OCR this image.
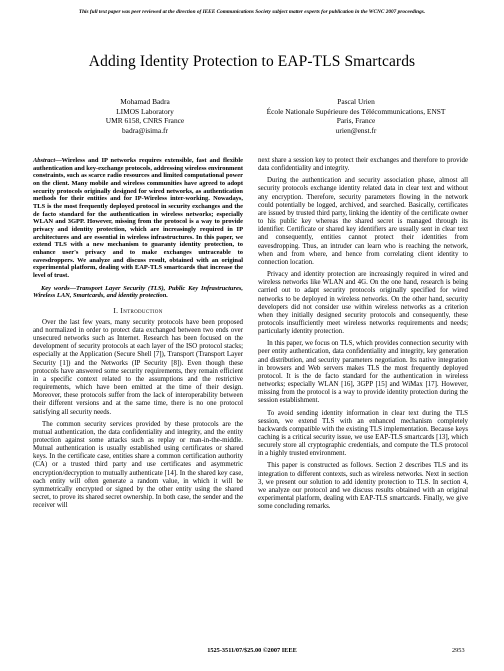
This full text paper was peer reviewed at the direction of IEEE Communications Society subject matter experts for publication in the WCNC 2007 proceedings.
Adding Identity Protection to EAP-TLS Smartcards
Mohamad Badra
LIMOS Laboratory
UMR 6158, CNRS France
badra@isima.fr
Pascal Urien
École Nationale Supérieure des Télécommunications, ENST
Paris, France
urien@enst.fr

Abstract—Wireless and IP networks requires extensible, fast and flexible authentication and key-exchange protocols, addressing wireless environment constraints, such as scarce radio resources and limited computational power on the client. Many mobile and wireless communities have agreed to adopt security protocols originally designed for wired networks, as authentication methods for their entities and for IP-Wireless inter-working. Nowadays, TLS is the most frequently deployed protocol in security exchanges and the de facto standard for the authentication in wireless networks; especially WLAN and 3GPP. However, missing from the protocol is a way to provide privacy and identity protection, which are increasingly required in IP architectures and are essential in wireless infrastructures. In this paper, we extend TLS with a new mechanism to guaranty identity protection, to enhance user's privacy and to make exchanges untraceable to eavesdroppers. We analyze and discuss result, obtained with an original experimental platform, dealing with EAP-TLS smartcards that increase the level of trust.

Key words—Transport Layer Security (TLS), Public Key Infrastructures, Wireless LAN, Smartcards, and identity protection.

I. Introduction

Over the last few years, many security protocols have been proposed and normalized in order to protect data exchanged between two ends over unsecured networks such as Internet. Research has been focused on the development of security protocols at each layer of the ISO protocol stacks; especially at the Application (Secure Shell [7]), Transport (Transport Layer Security [1]) and the Networks (IP Security [8]). Even though these protocols have answered some security requirements, they remain efficient in a specific context related to the assumptions and the restrictive requirements, which have been emitted at the time of their design. Moreover, these protocols suffer from the lack of interoperability between their different versions and at the same time, there is no one protocol satisfying all security needs.

The common security services provided by these protocols are the mutual authentication, the data confidentiality and integrity, and the entity protection against some attacks such as replay or man-in-the-middle. Mutual authentication is usually established using certificates or shared keys. In the certificate case, entities share a common certification authority (CA) or a trusted third party and use certificates and asymmetric encryption/decryption to mutually authenticate [14]. In the shared key case, each entity will often generate a random value, in which it will be symmetrically encrypted or signed by the other entity using the shared secret, to prove its shared secret ownership. In both case, the sender and the receiver will

next share a session key to protect their exchanges and therefore to provide data confidentiality and integrity.

During the authentication and security association phase, almost all security protocols exchange identity related data in clear text and without any encryption. Therefore, security parameters flowing in the network could potentially be logged, archived, and searched. Basically, certificates are issued by trusted third party, linking the identity of the certificate owner to his public key whereas the shared secret is managed through its identifier. Certificate or shared key identifiers are usually sent in clear text and consequently, entities cannot protect their identities from eavesdropping. Thus, an intruder can learn who is reaching the network, when and from where, and hence from correlating client identity to connection location.

Privacy and identity protection are increasingly required in wired and wireless networks like WLAN and 4G. On the one hand, research is being carried out to adapt security protocols originally specified for wired networks to be deployed in wireless networks. On the other hand, security developers did not consider use within wireless networks as a criterion when they initially designed security protocols and consequently, these protocols insufficiently meet wireless networks requirements and needs; particularly identity protection.

In this paper, we focus on TLS, which provides connection security with peer entity authentication, data confidentiality and integrity, key generation and distribution, and security parameters negotiation. Its native integration in browsers and Web servers makes TLS the most frequently deployed protocol. It is the de facto standard for the authentication in wireless networks; especially WLAN [16], 3GPP [15] and WiMax [17]. However, missing from the protocol is a way to provide identity protection during the session establishment.

To avoid sending identity information in clear text during the TLS session, we extend TLS with an enhanced mechanism completely backwards compatible with the existing TLS implementation. Because keys caching is a critical security issue, we use EAP-TLS smartcards [13], which securely store all cryptographic credentials, and compute the TLS protocol in a highly trusted environment.

This paper is constructed as follows. Section 2 describes TLS and its integration to different contexts, such as wireless networks. Next in section 3, we present our solution to add identity protection to TLS. In section 4, we analyze our protocol and we discuss results obtained with an original experimental platform, dealing with EAP-TLS smartcards. Finally, we give some concluding remarks.

1525-3511/07/$25.00 ©2007 IEEE	2953
